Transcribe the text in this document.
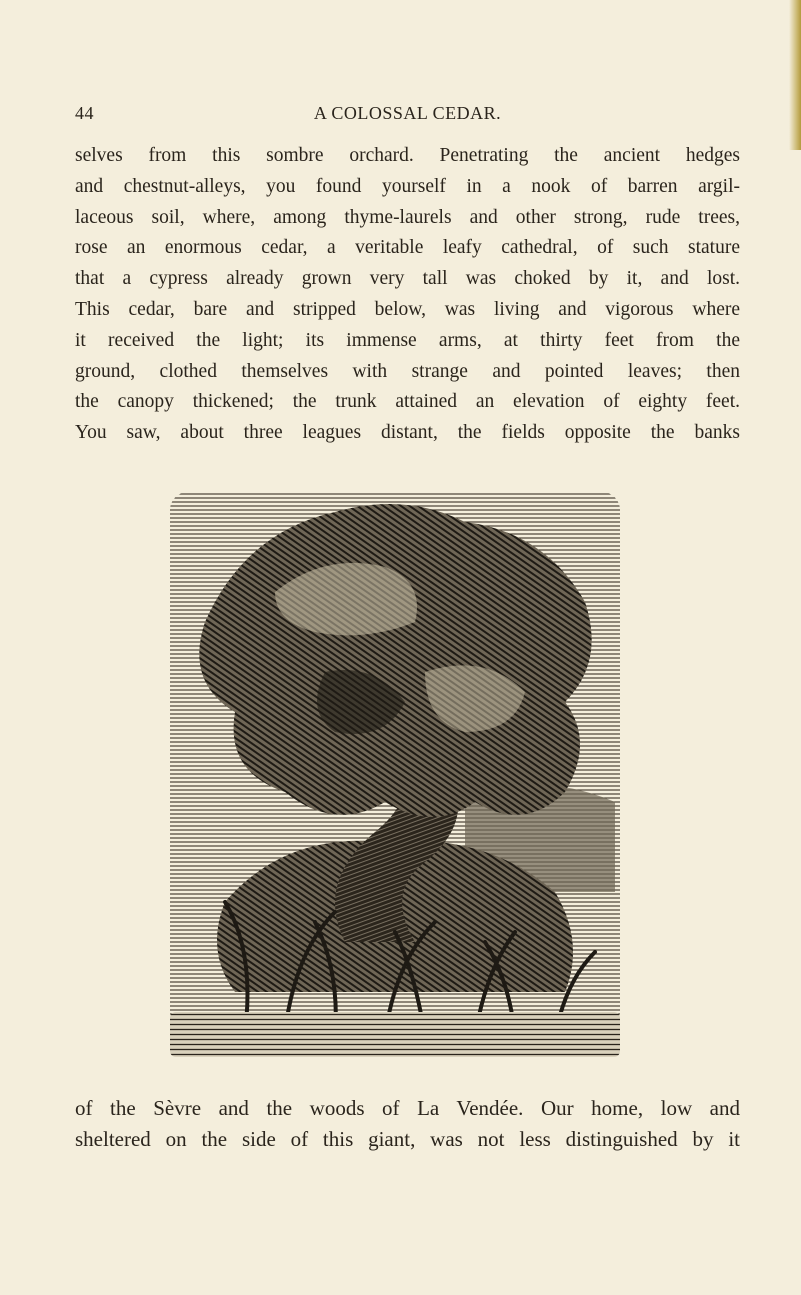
44	A COLOSSAL CEDAR.
selves from this sombre orchard. Penetrating the ancient hedges
and chestnut-alleys, you found yourself in a nook of barren argil-
laceous soil, where, among thyme-laurels and other strong, rude trees,
rose an enormous cedar, a veritable leafy cathedral, of such stature
that a cypress already grown very tall was choked by it, and lost.
This cedar, bare and stripped below, was living and vigorous where
it received the light; its immense arms, at thirty feet from the
ground, clothed themselves with strange and pointed leaves; then
the canopy thickened; the trunk attained an elevation of eighty feet.
You saw, about three leagues distant, the fields opposite the banks
of the Sèvre and the woods of La Vendée. Our home, low and
sheltered on the side of this giant, was not less distinguished by it
